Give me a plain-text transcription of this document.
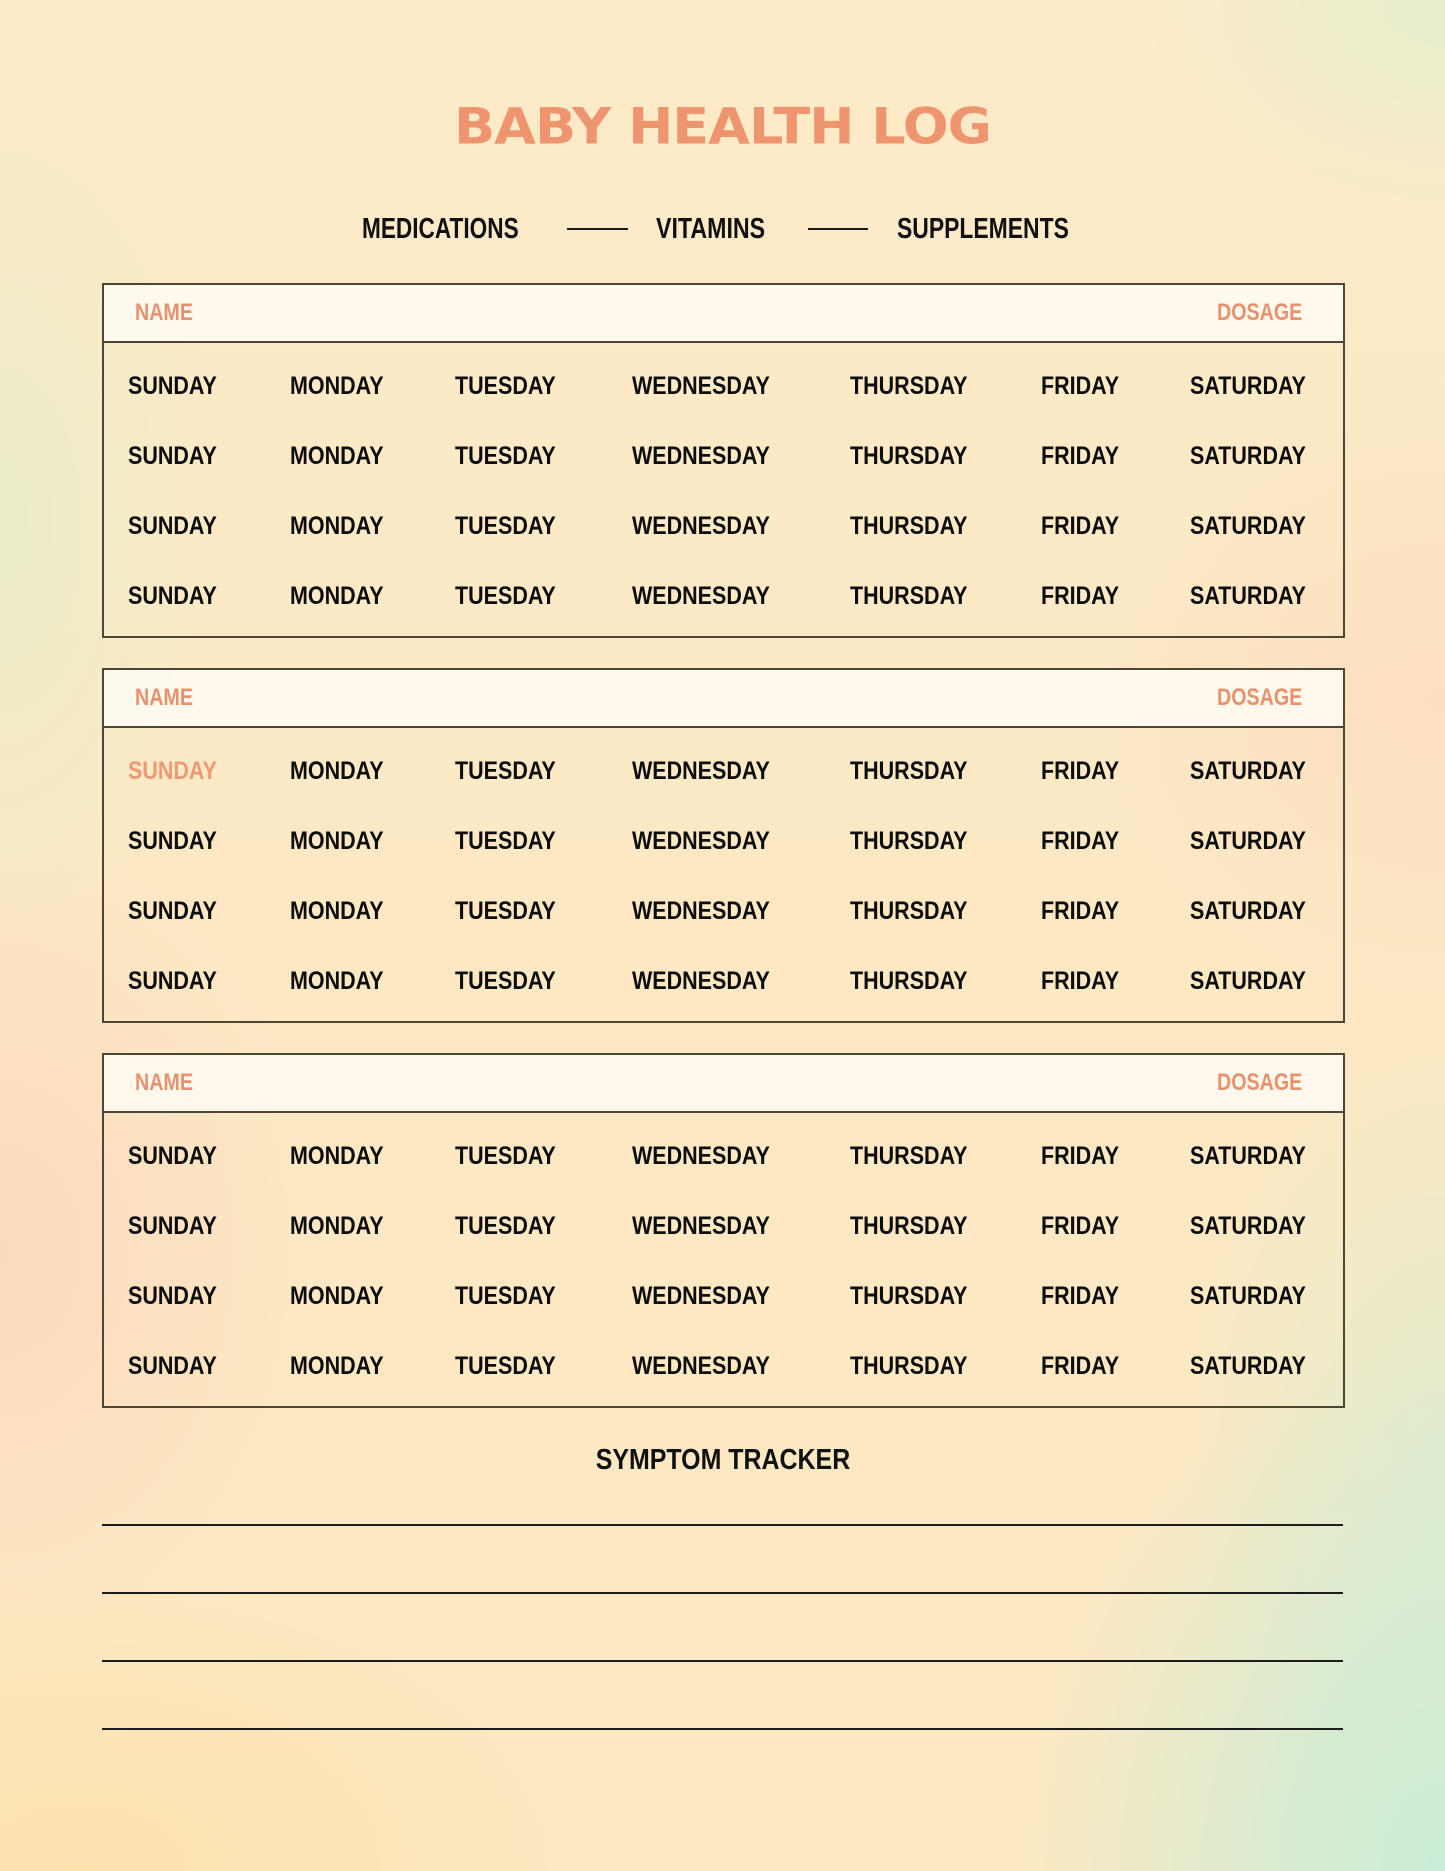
BABY HEALTH LOG
MEDICATIONS	VITAMINS	SUPPLEMENTS
NAME	DOSAGE
SUNDAY	MONDAY	TUESDAY	WEDNESDAY	THURSDAY	FRIDAY	SATURDAY
SUNDAY	MONDAY	TUESDAY	WEDNESDAY	THURSDAY	FRIDAY	SATURDAY
SUNDAY	MONDAY	TUESDAY	WEDNESDAY	THURSDAY	FRIDAY	SATURDAY
SUNDAY	MONDAY	TUESDAY	WEDNESDAY	THURSDAY	FRIDAY	SATURDAY
NAME	DOSAGE
SUNDAY	MONDAY	TUESDAY	WEDNESDAY	THURSDAY	FRIDAY	SATURDAY
SUNDAY	MONDAY	TUESDAY	WEDNESDAY	THURSDAY	FRIDAY	SATURDAY
SUNDAY	MONDAY	TUESDAY	WEDNESDAY	THURSDAY	FRIDAY	SATURDAY
SUNDAY	MONDAY	TUESDAY	WEDNESDAY	THURSDAY	FRIDAY	SATURDAY
NAME	DOSAGE
SUNDAY	MONDAY	TUESDAY	WEDNESDAY	THURSDAY	FRIDAY	SATURDAY
SUNDAY	MONDAY	TUESDAY	WEDNESDAY	THURSDAY	FRIDAY	SATURDAY
SUNDAY	MONDAY	TUESDAY	WEDNESDAY	THURSDAY	FRIDAY	SATURDAY
SUNDAY	MONDAY	TUESDAY	WEDNESDAY	THURSDAY	FRIDAY	SATURDAY
SYMPTOM TRACKER
